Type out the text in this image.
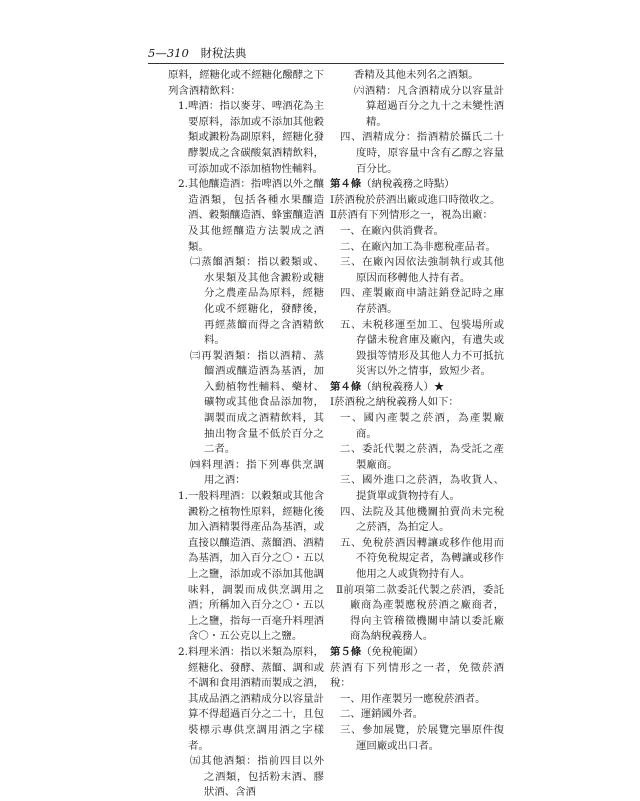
5—310 財稅法典

原料，經糖化或不經糖化醱酵之下列含酒精飲料：

1.啤酒：指以麥芽、啤酒花為主要原料，添加或不添加其他穀類或澱粉為副原料，經糖化發酵製成之含碳酸氣酒精飲料，可添加或不添加植物性輔料。

2.其他釀造酒：指啤酒以外之釀造酒類，包括各種水果釀造酒、穀類釀造酒、蜂蜜釀造酒及其他經釀造方法製成之酒類。

㈡蒸餾酒類：指以穀類或、水果類及其他含澱粉或糖分之農產品為原料，經糖化或不經糖化，發酵後，再經蒸餾而得之含酒精飲料。

㈢再製酒類：指以酒精、蒸餾酒或釀造酒為基酒，加入動植物性輔料、藥材、礦物或其他食品添加物，調製而成之酒精飲料，其抽出物含量不低於百分之二者。

㈣料理酒：指下列專供烹調用之酒：

1.一般料理酒：以穀類或其他含澱粉之植物性原料，經糖化後加入酒精製得產品為基酒，或直接以釀造酒、蒸餾酒、酒精為基酒，加入百分之〇・五以上之鹽，添加或不添加其他調味料，調製而成供烹調用之酒；所稱加入百分之〇・五以上之鹽，指每一百毫升料理酒含〇・五公克以上之鹽。

2.料理米酒：指以米類為原料，經糖化、發酵、蒸餾、調和或不調和食用酒精而製成之酒，其成品酒之酒精成分以容量計算不得超過百分之二十，且包裝標示專供烹調用酒之字樣者。

㈤其他酒類：指前四目以外之酒類，包括粉末酒、膠狀酒、含酒

香精及其他未列名之酒類。

㈥酒精：凡含酒精成分以容量計算超過百分之九十之未變性酒精。

四、酒精成分：指酒精於攝氏二十度時，原容量中含有乙醇之容量百分比。

第４條（納稅義務之時點）

Ⅰ菸酒稅於菸酒出廠或進口時徵收之。

Ⅱ菸酒有下列情形之一，視為出廠：

一、在廠內供消費者。

二、在廠內加工為非應稅產品者。

三、在廠內因依法強制執行或其他原因而移轉他人持有者。

四、產製廠商申請註銷登記時之庫存菸酒。

五、未税移運至加工、包裝場所或存儲未稅倉庫及廠內，有遺失或毀損等情形及其他人力不可抵抗災害以外之情事，致短少者。

第４條（納稅義務人）★

Ⅰ菸酒稅之納稅義務人如下：

一、國內產製之菸酒，為產製廠商。

二、委託代製之菸酒，為受託之產製廠商。

三、國外進口之菸酒，為收貨人、提貨單或貨物持有人。

四、法院及其他機關拍賣尚未完稅之菸酒，為拍定人。

五、免稅菸酒因轉讓或移作他用而不符免稅規定者，為轉讓或移作他用之人或貨物持有人。

Ⅱ前項第二款委託代製之菸酒，委託廠商為產製應稅菸酒之廠商者，得向主管稽徵機關申請以委託廠商為納稅義務人。

第５條（免稅範圍）

菸酒有下列情形之一者，免徵菸酒稅：

一、用作產製另一應稅菸酒者。

二、運銷國外者。

三、參加展覽，於展覽完畢原件復運回廠或出口者。
